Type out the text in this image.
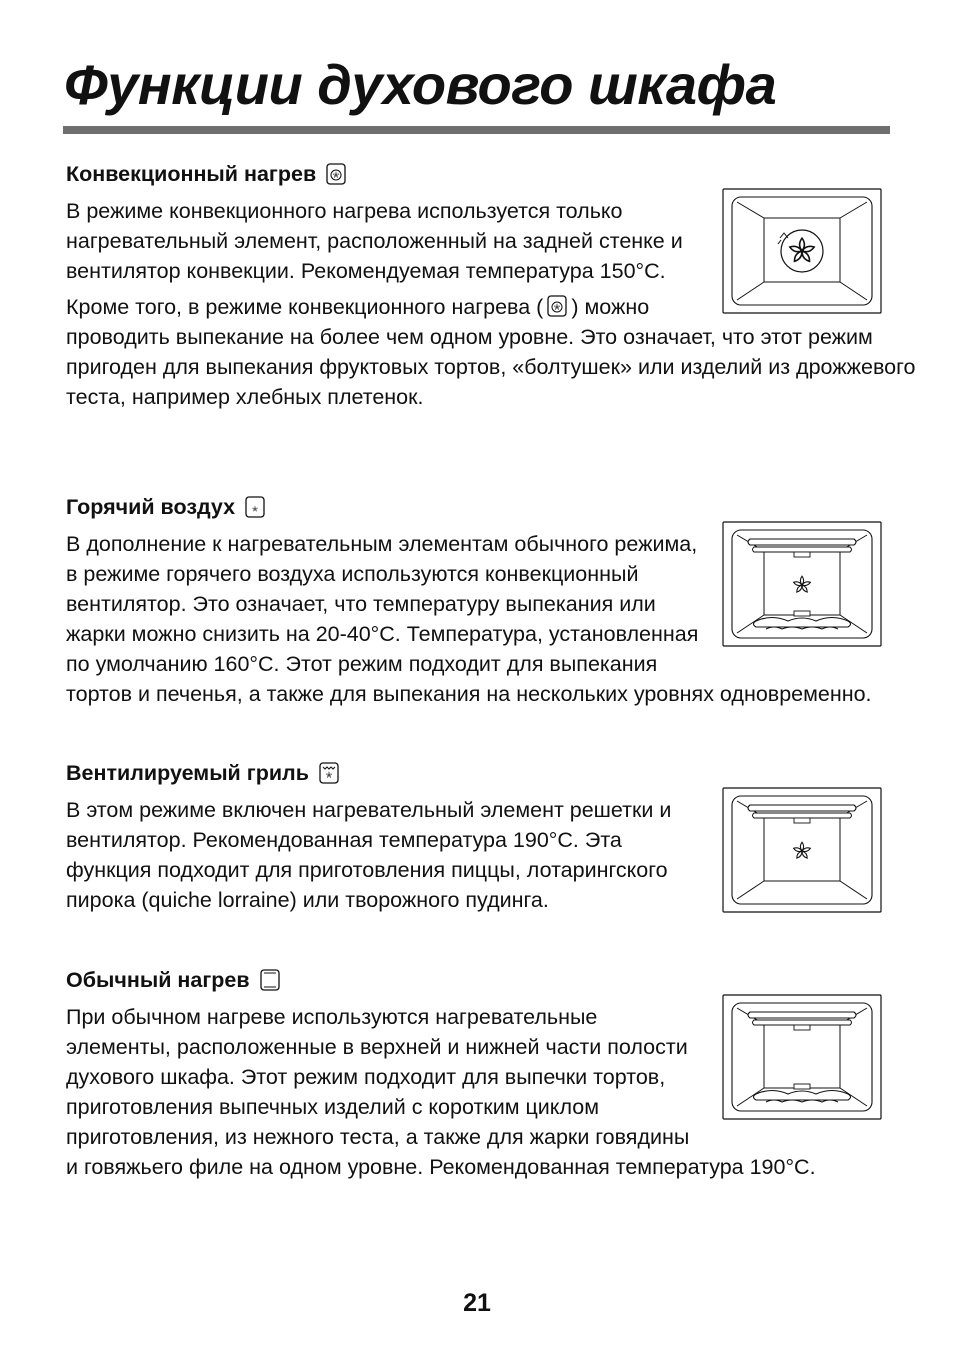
Функции духового шкафа
Конвекционный нагрев

В режиме конвекционного нагрева используется только нагревательный элемент, расположенный на задней стенке и вентилятор конвекции. Рекомендуемая температура 150°С.

Кроме того, в режиме конвекционного нагрева ( ) можно проводить выпекание на более чем одном уровне. Это означает, что этот режим пригоден для выпекания фруктовых тортов, «болтушек» или изделий из дрожжевого теста, например хлебных плетенок.

Горячий воздух

В дополнение к нагревательным элементам обычного режима, в режиме горячего воздуха используются конвекционный вентилятор. Это означает, что температуру выпекания или жарки можно снизить на 20-40°С. Температура, установленная по умолчанию 160°С. Этот режим подходит для выпекания тортов и печенья, а также для выпекания на нескольких уровнях одновременно.

Вентилируемый гриль

В этом режиме включен нагревательный элемент решетки и вентилятор. Рекомендованная температура 190°С. Эта функция подходит для приготовления пиццы, лотарингского пирока (quiche lorraine) или творожного пудинга.

Обычный нагрев

При обычном нагреве используются нагревательные элементы, расположенные в верхней и нижней части полости духового шкафа. Этот режим подходит для выпечки тортов, приготовления выпечных изделий с коротким циклом приготовления, из нежного теста, а также для жарки говядины и говяжьего филе на одном уровне. Рекомендованная температура 190°С.

21
